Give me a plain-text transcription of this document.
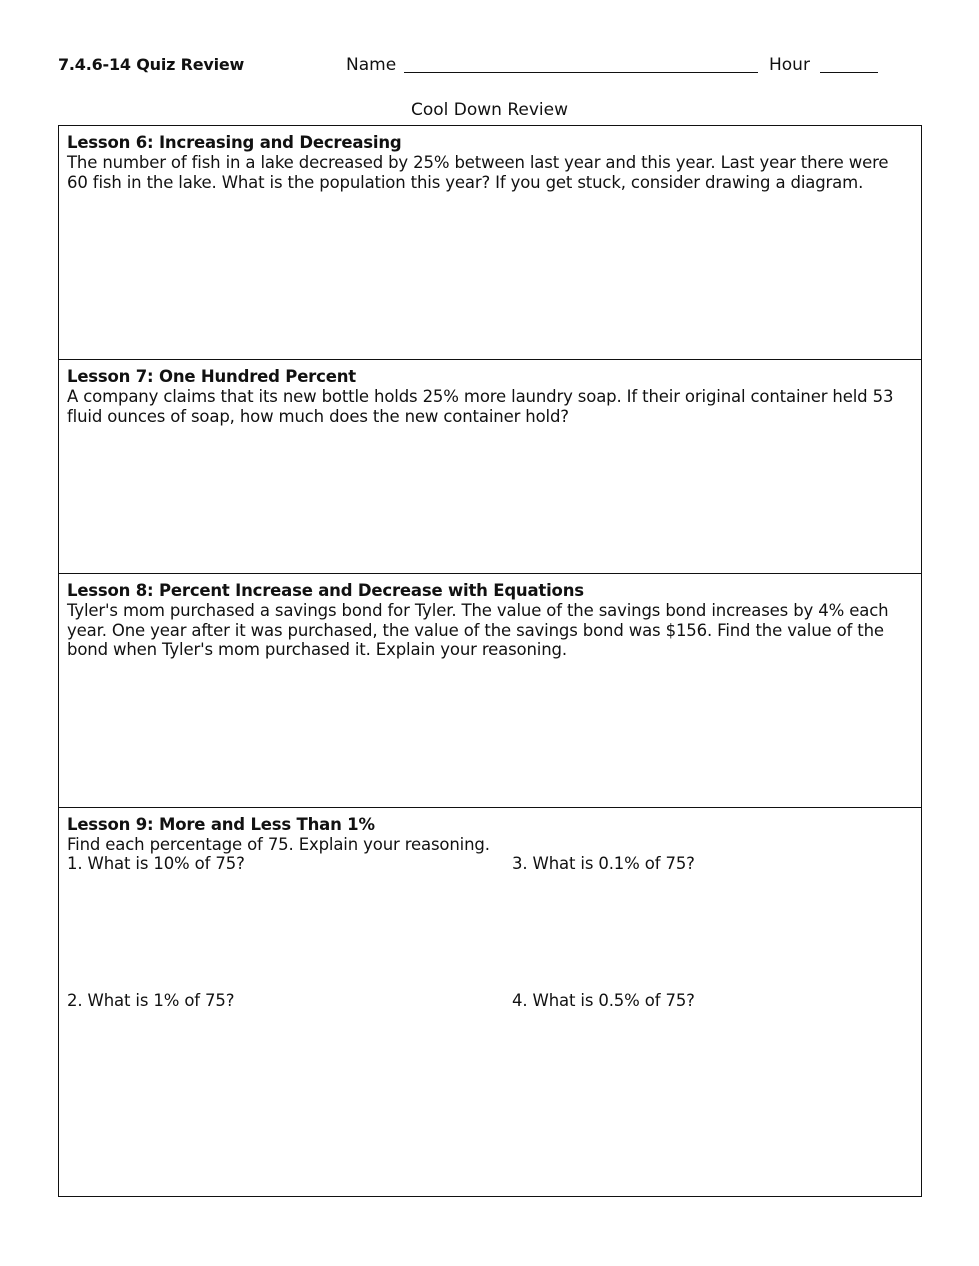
7.4.6-14 Quiz Review	Name	Hour
Cool Down Review
Lesson 6: Increasing and Decreasing
The number of fish in a lake decreased by 25% between last year and this year. Last year there were 60 fish in the lake. What is the population this year? If you get stuck, consider drawing a diagram.
Lesson 7: One Hundred Percent
A company claims that its new bottle holds 25% more laundry soap. If their original container held 53 fluid ounces of soap, how much does the new container hold?
Lesson 8: Percent Increase and Decrease with Equations
Tyler's mom purchased a savings bond for Tyler. The value of the savings bond increases by 4% each year. One year after it was purchased, the value of the savings bond was $156. Find the value of the bond when Tyler's mom purchased it. Explain your reasoning.
Lesson 9: More and Less Than 1%
Find each percentage of 75. Explain your reasoning.
1. What is 10% of 75?
2. What is 1% of 75?
3. What is 0.1% of 75?
4. What is 0.5% of 75?
